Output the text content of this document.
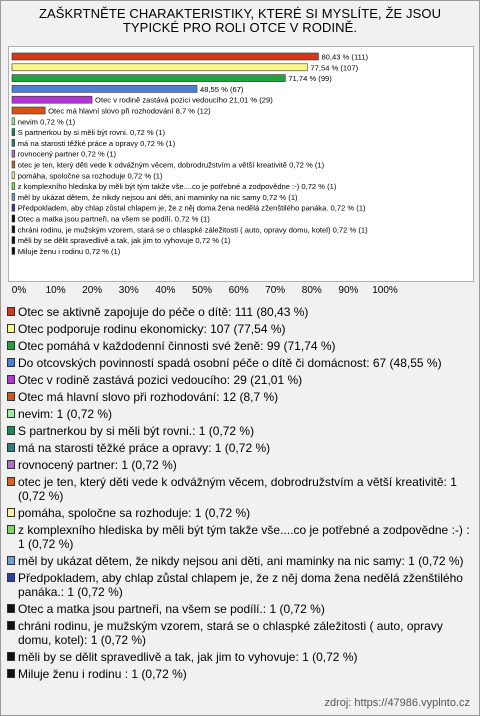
ZAŠKRTNĚTE CHARAKTERISTIKY, KTERÉ SI MYSLÍTE, ŽE JSOU
TYPICKÉ PRO ROLI OTCE V RODINĚ.
80,43 % (111)
77,54 % (107)
71,74 % (99)
48,55 % (67)
Otec v rodině zastává pozici vedoucího 21,01 % (29)
Otec má hlavní slovo při rozhodování 8,7 % (12)
nevim 0,72 % (1)
S partnerkou by si měli být rovni. 0,72 % (1)
má na starosti těžké práce a opravy 0,72 % (1)
rovnocený partner 0,72 % (1)
otec je ten, který děti vede k odvážným věcem, dobrodružstvím a větší kreativitě 0,72 % (1)
pomáha, spoločne sa rozhoduje 0,72 % (1)
z komplexního hlediska by měli být tým takže vše....co je potřebné a zodpovědne :-) 0,72 % (1)
měl by ukázat dětem, že nikdy nejsou ani děti, ani maminky na nic samy 0,72 % (1)
Předpokladem, aby chlap zůstal chlapem je, že z něj doma žena nedělá zženštilého panáka. 0,72 % (1)
Otec a matka jsou partneři, na všem se podílí. 0,72 % (1)
chráni rodinu, je mužským vzorem, stará se o chlaspké záležitosti ( auto, opravy domu, kotel) 0,72 % (1)
měli by se dělit spravedlivě a tak, jak jim to vyhovuje 0,72 % (1)
Miluje ženu i rodinu 0,72 % (1)
0% 10% 20% 30% 40% 50% 60% 70% 80% 90% 100%
Otec se aktivně zapojuje do péče o dítě: 111 (80,43 %)
Otec podporuje rodinu ekonomicky: 107 (77,54 %)
Otec pomáhá v každodenní činnosti své ženě: 99 (71,74 %)
Do otcovských povinností spadá osobní péče o dítě či domácnost: 67 (48,55 %)
Otec v rodině zastává pozici vedoucího: 29 (21,01 %)
Otec má hlavní slovo při rozhodování: 12 (8,7 %)
nevim: 1 (0,72 %)
S partnerkou by si měli být rovni.: 1 (0,72 %)
má na starosti těžké práce a opravy: 1 (0,72 %)
rovnocený partner: 1 (0,72 %)
otec je ten, který děti vede k odvážným věcem, dobrodružstvím a větší kreativitě: 1 (0,72 %)
pomáha, spoločne sa rozhoduje: 1 (0,72 %)
z komplexního hlediska by měli být tým takže vše....co je potřebné a zodpovědne :-) : 1 (0,72 %)
měl by ukázat dětem, že nikdy nejsou ani děti, ani maminky na nic samy: 1 (0,72 %)
Předpokladem, aby chlap zůstal chlapem je, že z něj doma žena nedělá zženštilého panáka.: 1 (0,72 %)
Otec a matka jsou partneři, na všem se podílí.: 1 (0,72 %)
chráni rodinu, je mužským vzorem, stará se o chlaspké záležitosti ( auto, opravy domu, kotel): 1 (0,72 %)
měli by se dělit spravedlivě a tak, jak jim to vyhovuje: 1 (0,72 %)
Miluje ženu i rodinu : 1 (0,72 %)
zdroj: https://47986.vyplnto.cz
